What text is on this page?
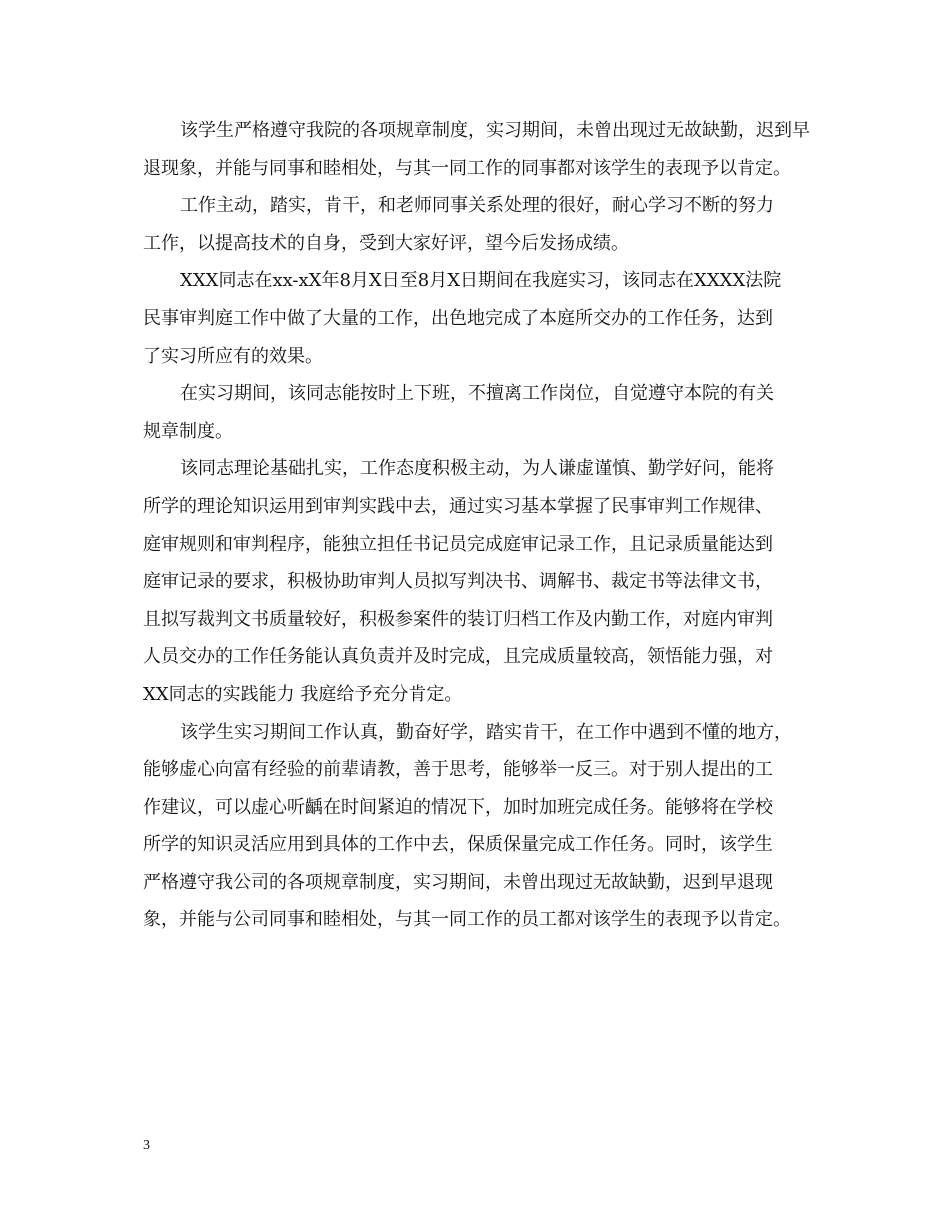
该学生严格遵守我院的各项规章制度，实习期间，未曾出现过无故缺勤，迟到早
退现象，并能与同事和睦相处，与其一同工作的同事都对该学生的表现予以肯定。

工作主动，踏实，肯干，和老师同事关系处理的很好，耐心学习不断的努力
工作，以提高技术的自身，受到大家好评，望今后发扬成绩。

XXX同志在xx-xX年8月X日至8月X日期间在我庭实习，该同志在XXXX法院
民事审判庭工作中做了大量的工作，出色地完成了本庭所交办的工作任务，达到
了实习所应有的效果。

在实习期间，该同志能按时上下班，不擅离工作岗位，自觉遵守本院的有关
规章制度。

该同志理论基础扎实，工作态度积极主动，为人谦虚谨慎、勤学好问，能将
所学的理论知识运用到审判实践中去，通过实习基本掌握了民事审判工作规律、
庭审规则和审判程序，能独立担任书记员完成庭审记录工作，且记录质量能达到
庭审记录的要求，积极协助审判人员拟写判决书、调解书、裁定书等法律文书，
且拟写裁判文书质量较好，积极参案件的装订归档工作及内勤工作，对庭内审判
人员交办的工作任务能认真负责并及时完成，且完成质量较高，领悟能力强，对
XX同志的实践能力 我庭给予充分肯定。

该学生实习期间工作认真，勤奋好学，踏实肯干，在工作中遇到不懂的地方，
能够虚心向富有经验的前辈请教，善于思考，能够举一反三。对于别人提出的工
作建议，可以虚心听齲在时间紧迫的情况下，加时加班完成任务。能够将在学校
所学的知识灵活应用到具体的工作中去，保质保量完成工作任务。同时，该学生
严格遵守我公司的各项规章制度，实习期间，未曾出现过无故缺勤，迟到早退现
象，并能与公司同事和睦相处，与其一同工作的员工都对该学生的表现予以肯定。

3
